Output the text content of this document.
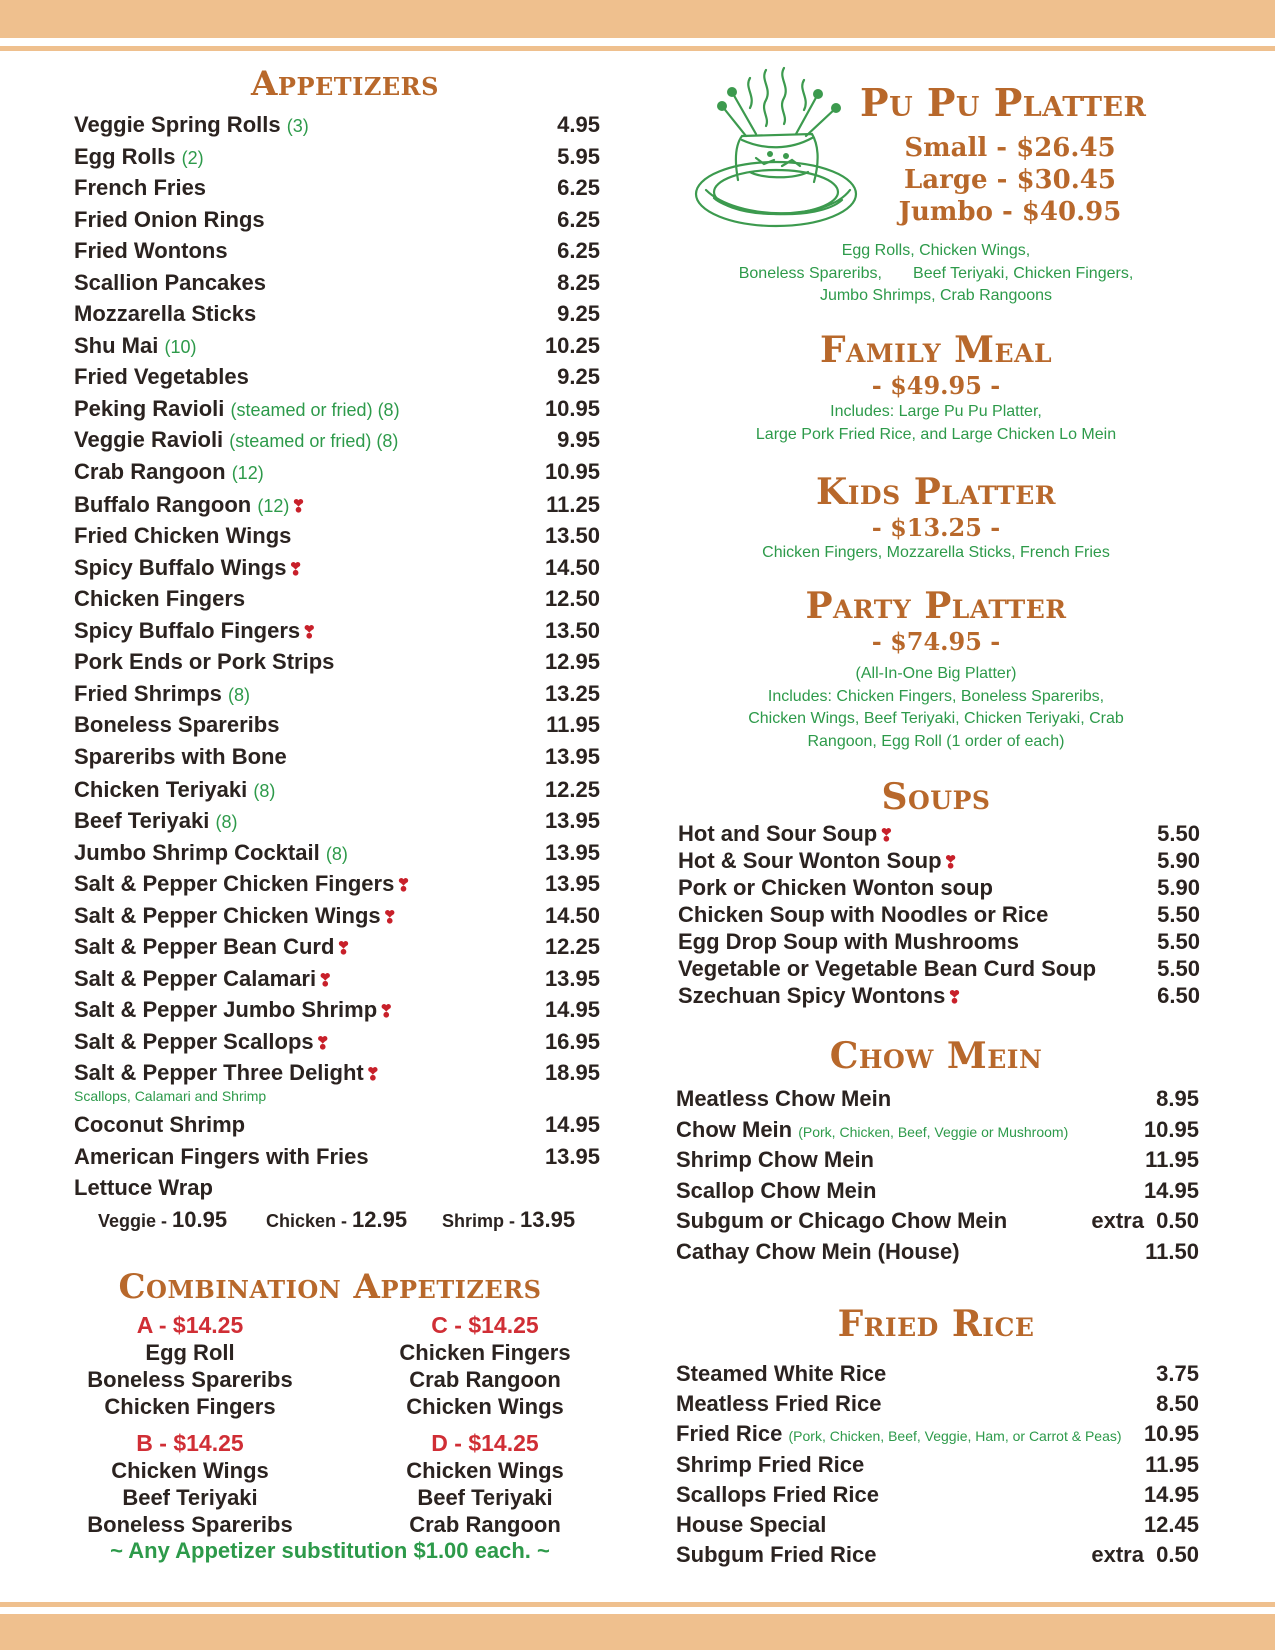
Appetizers
Veggie Spring Rolls (3)	4.95
Egg Rolls (2)	5.95
French Fries	6.25
Fried Onion Rings	6.25
Fried Wontons	6.25
Scallion Pancakes	8.25
Mozzarella Sticks	9.25
Shu Mai (10)	10.25
Fried Vegetables	9.25
Peking Ravioli (steamed or fried) (8)	10.95
Veggie Ravioli (steamed or fried) (8)	9.95
Crab Rangoon (12)	10.95
Buffalo Rangoon (12) ❣	11.25
Fried Chicken Wings	13.50
Spicy Buffalo Wings ❣	14.50
Chicken Fingers	12.50
Spicy Buffalo Fingers ❣	13.50
Pork Ends or Pork Strips	12.95
Fried Shrimps (8)	13.25
Boneless Spareribs	11.95
Spareribs with Bone	13.95
Chicken Teriyaki (8)	12.25
Beef Teriyaki (8)	13.95
Jumbo Shrimp Cocktail (8)	13.95
Salt & Pepper Chicken Fingers ❣	13.95
Salt & Pepper Chicken Wings ❣	14.50
Salt & Pepper Bean Curd ❣	12.25
Salt & Pepper Calamari ❣	13.95
Salt & Pepper Jumbo Shrimp ❣	14.95
Salt & Pepper Scallops ❣	16.95
Salt & Pepper Three Delight ❣	18.95
Scallops, Calamari and Shrimp
Coconut Shrimp	14.95
American Fingers with Fries	13.95
Lettuce Wrap
Veggie - 10.95 Chicken - 12.95 Shrimp - 13.95
Combination Appetizers
A - $14.25
Egg Roll
Boneless Spareribs
Chicken Fingers
C - $14.25
Chicken Fingers
Crab Rangoon
Chicken Wings
B - $14.25
Chicken Wings
Beef Teriyaki
Boneless Spareribs
D - $14.25
Chicken Wings
Beef Teriyaki
Crab Rangoon
~ Any Appetizer substitution $1.00 each. ~
Pu Pu Platter
Small - $26.45
Large - $30.45
Jumbo - $40.95
Egg Rolls, Chicken Wings,
Boneless Spareribs,       Beef Teriyaki, Chicken Fingers,
Jumbo Shrimps, Crab Rangoons
Family Meal
- $49.95 -
Includes: Large Pu Pu Platter,
Large Pork Fried Rice, and Large Chicken Lo Mein
Kids Platter
- $13.25 -
Chicken Fingers, Mozzarella Sticks, French Fries
Party Platter
- $74.95 -
(All-In-One Big Platter)
Includes: Chicken Fingers, Boneless Spareribs,
Chicken Wings, Beef Teriyaki, Chicken Teriyaki, Crab
Rangoon, Egg Roll (1 order of each)
Soups
Hot and Sour Soup ❣	5.50
Hot & Sour Wonton Soup ❣	5.90
Pork or Chicken Wonton soup	5.90
Chicken Soup with Noodles or Rice	5.50
Egg Drop Soup with Mushrooms	5.50
Vegetable or Vegetable Bean Curd Soup	5.50
Szechuan Spicy Wontons ❣	6.50
Chow Mein
Meatless Chow Mein	8.95
Chow Mein (Pork, Chicken, Beef, Veggie or Mushroom)	10.95
Shrimp Chow Mein	11.95
Scallop Chow Mein	14.95
Subgum or Chicago Chow Mein	extra  0.50
Cathay Chow Mein (House)	11.50
Fried Rice
Steamed White Rice	3.75
Meatless Fried Rice	8.50
Fried Rice (Pork, Chicken, Beef, Veggie, Ham, or Carrot & Peas) 10.95
Shrimp Fried Rice	11.95
Scallops Fried Rice	14.95
House Special	12.45
Subgum Fried Rice	extra  0.50
